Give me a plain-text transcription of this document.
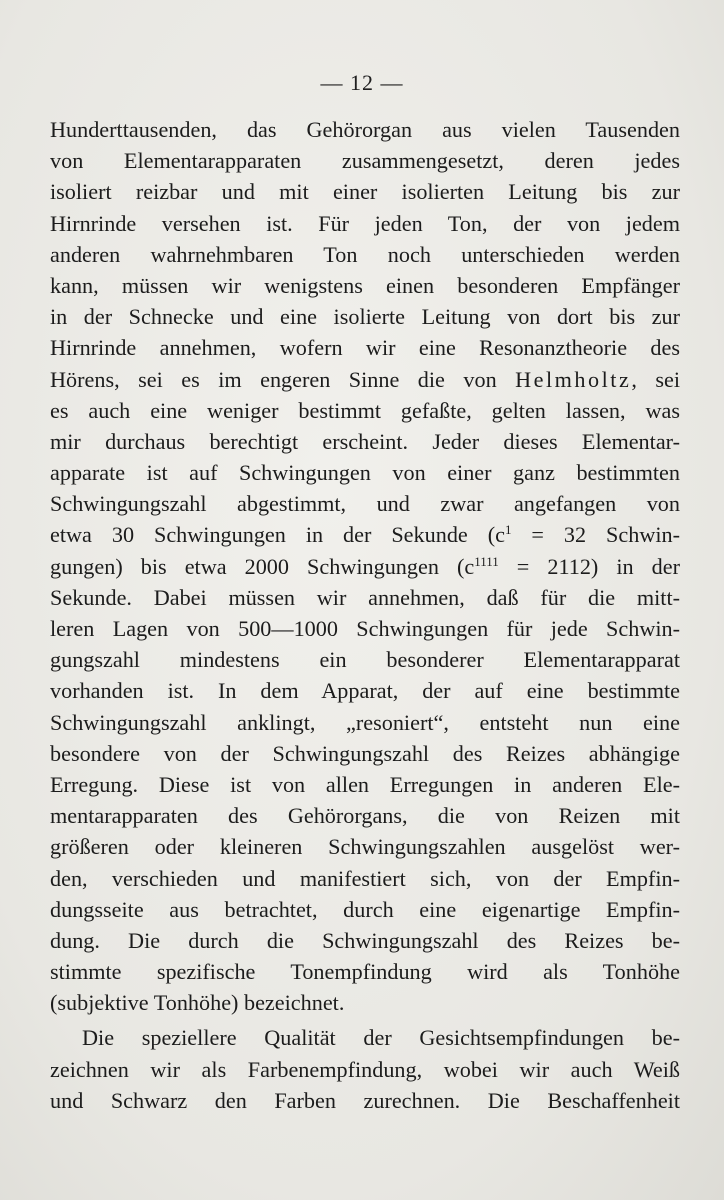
— 12 —
Hunderttausenden, das Gehörorgan aus vielen Tausenden
von Elementarapparaten zusammengesetzt, deren jedes
isoliert reizbar und mit einer isolierten Leitung bis zur
Hirnrinde versehen ist. Für jeden Ton, der von jedem
anderen wahrnehmbaren Ton noch unterschieden werden
kann, müssen wir wenigstens einen besonderen Empfänger
in der Schnecke und eine isolierte Leitung von dort bis zur
Hirnrinde annehmen, wofern wir eine Resonanztheorie des
Hörens, sei es im engeren Sinne die von Helmholtz, sei
es auch eine weniger bestimmt gefaßte, gelten lassen, was
mir durchaus berechtigt erscheint. Jeder dieses Elementar-
apparate ist auf Schwingungen von einer ganz bestimmten
Schwingungszahl abgestimmt, und zwar angefangen von
etwa 30 Schwingungen in der Sekunde ($c^1 = 32$ Schwin-
gungen) bis etwa 2000 Schwingungen $(c^{1111} = 2112)$ in der
Sekunde. Dabei müssen wir annehmen, daß für die mitt-
leren Lagen von 500—1000 Schwingungen für jede Schwin-
gungszahl mindestens ein besonderer Elementarapparat
vorhanden ist. In dem Apparat, der auf eine bestimmte
Schwingungszahl anklingt, „resoniert“, entsteht nun eine
besondere von der Schwingungszahl des Reizes abhängige
Erregung. Diese ist von allen Erregungen in anderen Ele-
mentarapparaten des Gehörorgans, die von Reizen mit
größeren oder kleineren Schwingungszahlen ausgelöst wer-
den, verschieden und manifestiert sich, von der Empfin-
dungsseite aus betrachtet, durch eine eigenartige Empfin-
dung. Die durch die Schwingungszahl des Reizes be-
stimmte spezifische Tonempfindung wird als Tonhöhe
(subjektive Tonhöhe) bezeichnet.
Die speziellere Qualität der Gesichtsempfindungen be-
zeichnen wir als Farbenempfindung, wobei wir auch Weiß
und Schwarz den Farben zurechnen. Die Beschaffenheit
